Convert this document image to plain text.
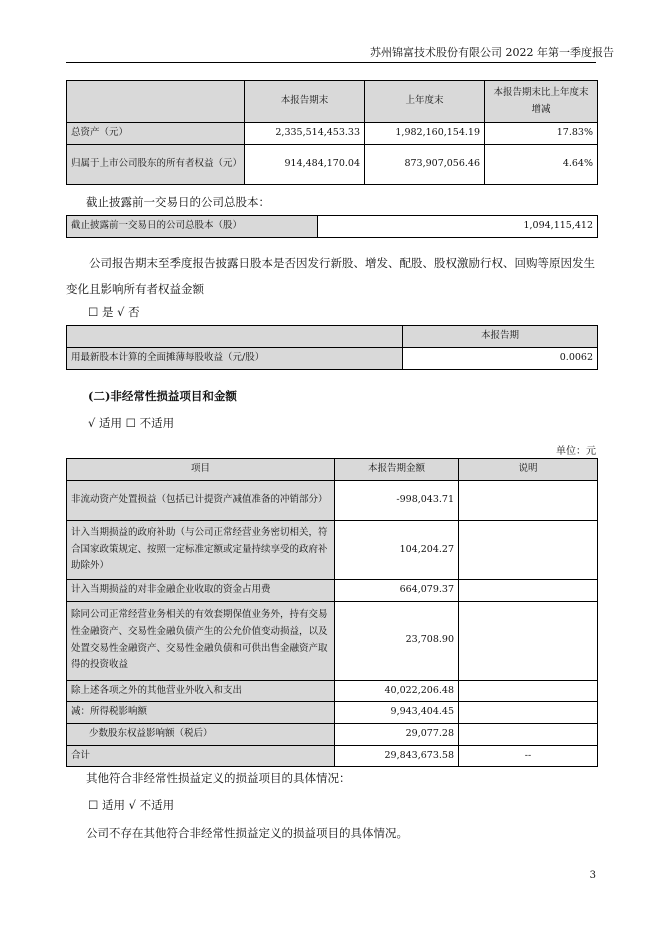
苏州锦富技术股份有限公司 2022 年第一季度报告
	本报告期末	上年度末	本报告期末比上年度末增减
总资产（元）	2,335,514,453.33	1,982,160,154.19	17.83%
归属于上市公司股东的所有者权益（元）	914,484,170.04	873,907,056.46	4.64%
截止披露前一交易日的公司总股本：
截止披露前一交易日的公司总股本（股）	1,094,115,412
公司报告期末至季度报告披露日股本是否因发行新股、增发、配股、股权激励行权、回购等原因发生变化且影响所有者权益金额
☐ 是 √ 否
	本报告期
用最新股本计算的全面摊薄每股收益（元/股）	0.0062
(二)非经常性损益项目和金额
√ 适用 ☐ 不适用
单位：元
项目	本报告期金额	说明
非流动资产处置损益（包括已计提资产减值准备的冲销部分）	-998,043.71	
计入当期损益的政府补助（与公司正常经营业务密切相关，符合国家政策规定、按照一定标准定额或定量持续享受的政府补助除外）	104,204.27	
计入当期损益的对非金融企业收取的资金占用费	664,079.37	
除同公司正常经营业务相关的有效套期保值业务外，持有交易性金融资产、交易性金融负债产生的公允价值变动损益，以及处置交易性金融资产、交易性金融负债和可供出售金融资产取得的投资收益	23,708.90	
除上述各项之外的其他营业外收入和支出	40,022,206.48	
减：所得税影响额	9,943,404.45	
少数股东权益影响额（税后）	29,077.28	
合计	29,843,673.58	--
其他符合非经常性损益定义的损益项目的具体情况：
☐ 适用 √ 不适用
公司不存在其他符合非经常性损益定义的损益项目的具体情况。
3
